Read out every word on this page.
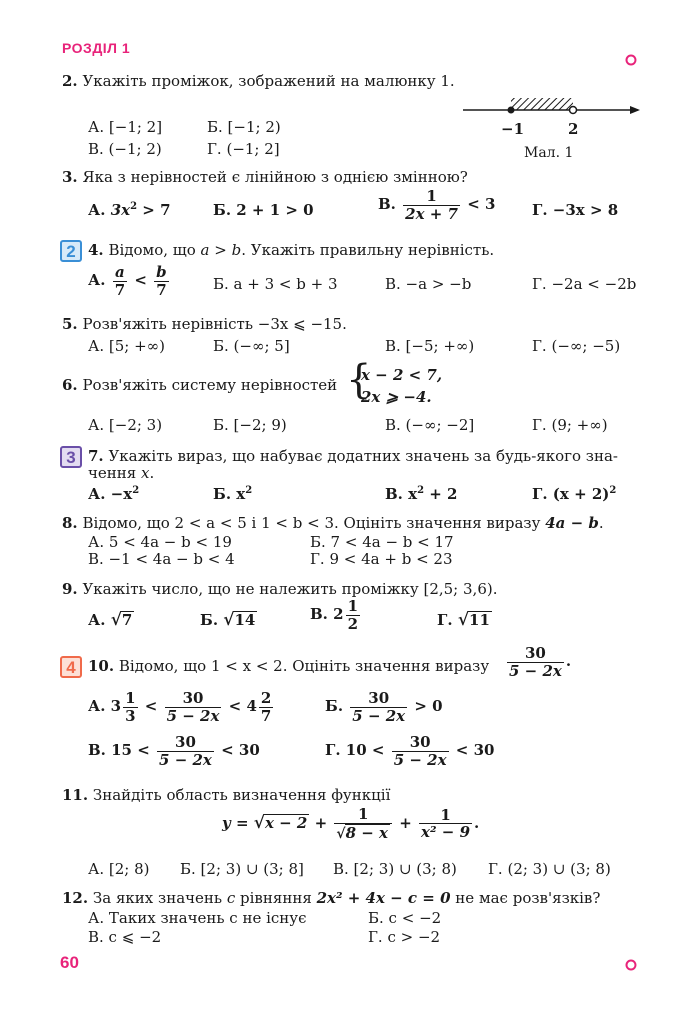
РОЗДІЛ 1
2. Укажіть проміжок, зображений на малюнку 1.
А. [−1; 2]	Б. [−1; 2)
В. (−1; 2)	Г. (−1; 2]
−1	2
Мал. 1
3. Яка з нерівностей є лінійною з однією змінною?
А. $3x^2 > 7$	Б. 2 + 1 > 0	В. $\frac{1}{2x + 7} < 3$ Г. −3x > 8
2 4. Відомо, що a > b. Укажіть правильну нерівність.
А. $\frac{a}{7} < \frac{b}{7}$	Б. a + 3 < b + 3	В. −a > −b	Г. −2a < −2b
5. Розв'яжіть нерівність −3x ⩽ −15.
А. [5; +∞)	Б. (−∞; 5]	В. [−5; +∞)	Г. (−∞; −5)
6. Розв'яжіть систему нерівностей {
x − 2 < 7,
2x ⩾ −4.
А. [−2; 3)	Б. [−2; 9)	В. (−∞; −2]	Г. (9; +∞)
3 7. Укажіть вираз, що набуває додатних значень за будь-якого зна-
чення x.
А. $-x^2$	Б. $x^2$	В. $x^2 + 2$	Г. $(x + 2)^2$
8. Відомо, що 2 < a < 5 і 1 < b < 3. Оцініть значення виразу 4a − b.
А. 5 < 4a − b < 19	Б. 7 < 4a − b < 17
В. −1 < 4a − b < 4	Г. 9 < 4a + b < 23
9. Укажіть число, що не належить проміжку [2,5; 3,6).
А. √7	Б. √14	В. $2 \frac{1}{2}$	Г. √11
4 10. Відомо, що 1 < x < 2. Оцініть значення виразу $\frac{30}{5 - 2x}$ .
А. $3 \frac{1}{3} < \frac{30}{5 - 2x} < 4 \frac{2}{7}$	Б. $\frac{30}{5 - 2x} > 0$
В. $15 < \frac{30}{5 - 2x} < 30$	Г. $10 < \frac{30}{5 - 2x} < 30$
11. Знайдіть область визначення функції
$y = √x - 2 + \frac{1}{√8 - x} + \frac{1}{\text{x² − 9}}$ .
А. [2; 8) Б. [2; 3) ∪ (3; 8] В. [2; 3) ∪ (3; 8) Г. (2; 3) ∪ (3; 8)
12. За яких значень c рівняння 2x² + 4x − c = 0 не має розв'язків?
А. Таких значень c не існує	Б. c < −2
В. c ⩽ −2	Г. c > −2
60
